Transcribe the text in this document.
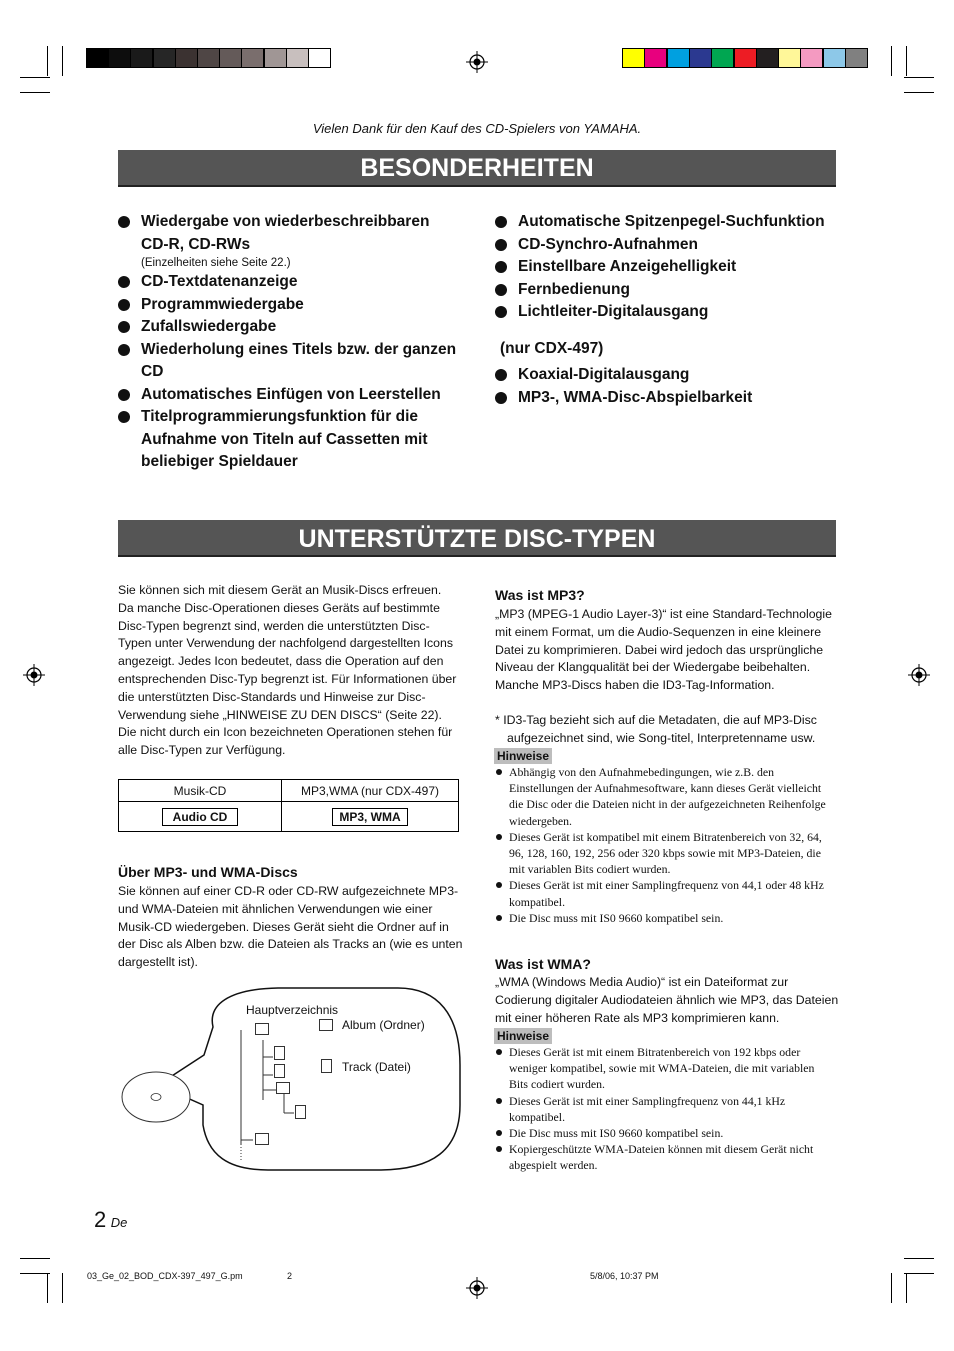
Vielen Dank für den Kauf des CD-Spielers von YAMAHA.
BESONDERHEITEN
Wiedergabe von wiederbeschreibbaren CD-R, CD-RWs
(Einzelheiten siehe Seite 22.)
CD-Textdatenanzeige
Programmwiedergabe
Zufallswiedergabe
Wiederholung eines Titels bzw. der ganzen CD
Automatisches Einfügen von Leerstellen
Titelprogrammierungsfunktion für die Aufnahme von Titeln auf Cassetten mit beliebiger Spieldauer
Automatische Spitzenpegel-Suchfunktion
CD-Synchro-Aufnahmen
Einstellbare Anzeigehelligkeit
Fernbedienung
Lichtleiter-Digitalausgang
(nur CDX-497)
Koaxial-Digitalausgang
MP3-, WMA-Disc-Abspielbarkeit
UNTERSTÜTZTE DISC-TYPEN
Sie können sich mit diesem Gerät an Musik-Discs erfreuen. Da manche Disc-Operationen dieses Geräts auf bestimmte Disc-Typen begrenzt sind, werden die unterstützten Disc-Typen unter Verwendung der nachfolgend dargestellten Icons angezeigt. Jedes Icon bedeutet, dass die Operation auf den entsprechenden Disc-Typ begrenzt ist. Für Informationen über die unterstützten Disc-Standards und Hinweise zur Disc-Verwendung siehe „HINWEISE ZU DEN DISCS“ (Seite 22). Die nicht durch ein Icon bezeichneten Operationen stehen für alle Disc-Typen zur Verfügung.
Musik-CD	MP3,WMA (nur CDX-497)
Audio CD	MP3, WMA
Über MP3- und WMA-Discs
Sie können auf einer CD-R oder CD-RW aufgezeichnete MP3- und WMA-Dateien mit ähnlichen Verwendungen wie einer Musik-CD wiedergeben. Dieses Gerät sieht die Ordner auf in der Disc als Alben bzw. die Dateien als Tracks an (wie es unten dargestellt ist).
Hauptverzeichnis
Album (Ordner)
Track (Datei)
Was ist MP3?
„MP3 (MPEG-1 Audio Layer-3)“ ist eine Standard-Technologie mit einem Format, um die Audio-Sequenzen in eine kleinere Datei zu komprimieren. Dabei wird jedoch das ursprüngliche Niveau der Klangqualität bei der Wiedergabe beibehalten. Manche MP3-Discs haben die ID3-Tag-Information.
* ID3-Tag bezieht sich auf die Metadaten, die auf MP3-Disc aufgezeichnet sind, wie Song-titel, Interpretenname usw.
Hinweise
Abhängig von den Aufnahmebedingungen, wie z.B. den Einstellungen der Aufnahmesoftware, kann dieses Gerät vielleicht die Disc oder die Dateien nicht in der aufgezeichneten Reihenfolge wiedergeben.
Dieses Gerät ist kompatibel mit einem Bitratenbereich von 32, 64, 96, 128, 160, 192, 256 oder 320 kbps sowie mit MP3-Dateien, die mit variablen Bits codiert wurden.
Dieses Gerät ist mit einer Samplingfrequenz von 44,1 oder 48 kHz kompatibel.
Die Disc muss mit IS0 9660 kompatibel sein.
Was ist WMA?
„WMA (Windows Media Audio)“ ist ein Dateiformat zur Codierung digitaler Audiodateien ähnlich wie MP3, das Dateien mit einer höheren Rate als MP3 komprimieren kann.
Hinweise
Dieses Gerät ist mit einem Bitratenbereich von 192 kbps oder weniger kompatibel, sowie mit WMA-Dateien, die mit variablen Bits codiert wurden.
Dieses Gerät ist mit einer Samplingfrequenz von 44,1 kHz kompatibel.
Die Disc muss mit IS0 9660 kompatibel sein.
Kopiergeschützte WMA-Dateien können mit diesem Gerät nicht abgespielt werden.
2 De
03_Ge_02_BOD_CDX-397_497_G.pm	2	5/8/06, 10:37 PM
